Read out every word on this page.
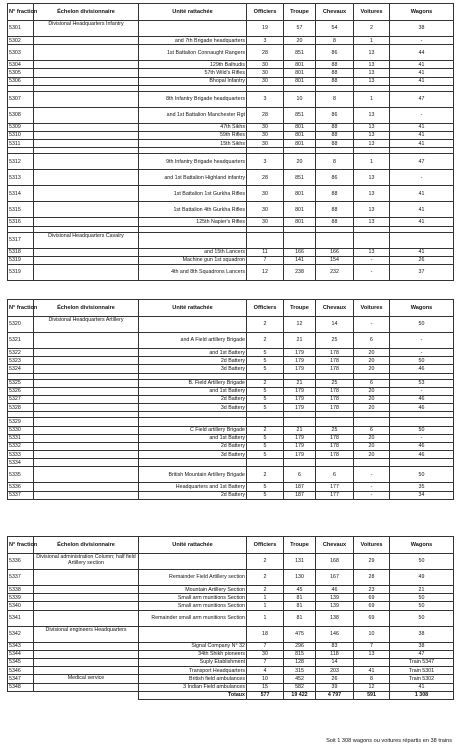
N° fraction	Échelon divisionnaire	Unité rattachée	Officiers	Troupe	Chevaux	Voitures	Wagons
5301	Divisional Headquarters Infantry		19	57	54	2	38
5302		and 7th Brigade headquarters	3	20	8	1	-
5303		1st Battalion Connaught Rangers	28	851	86	13	44
5304		129th Balhudis	30	801	88	13	41
5305		57th Wild's Rifles	30	801	88	13	41
5306		Bhopal Infantry	30	801	88	13	41

5307		8th Infantry Brigade headquarters	3	10	8	1	47
5308		and 1st Battalion Manchester Rgt	28	851	86	13	-
5309		47th Sikhs	30	801	88	13	41
5310		59th Rifles	30	801	88	13	41
5311		15th Sikhs	30	801	88	13	41

5312		9th Infantry Brigade headquarters	3	20	8	1	47
5313		and 1st Battalion Highland infantry	28	851	86	13	-
5314		1st Battalion 1st Gurkha Rifles	30	801	88	13	41
5315		1st Battalion 4th Gurkha Rifles	30	801	88	13	41
5316		125th Napier's Rifles	30	801	88	13	41

5317	Divisional Headquarters Cavalry						
5318		and 15th Lancers	11	166	166	13	41
5319		Machine gun 1st squadron	7	141	154	-	26
5319		4th and 8th Squadrons Lancers	12	238	232	-	37
N° fraction	Échelon divisionnaire	Unité rattachée	Officiers	Troupe	Chevaux	Voitures	Wagons
5320	Divisional Headquarters Artillery		2	12	14	-	50
5321		and A Field artillery Brigade	2	21	25	6	-
5322		and 1st Battery	5	179	178	20	-
5323		2d Battery	5	179	178	20	50
5324		3d Battery	5	179	178	20	46

5325		B. Field Artillery Brigade	2	21	25	6	53
5326		and 1st Battery	5	179	178	20	-
5327		2d Battery	5	179	178	20	46
5328		3d Battery	5	179	178	20	46

5329							
5330		C Field artillery Brigade	2	21	25	6	50
5331		and 1st Battery	5	179	178	20	-
5332		2d Battery	5	179	178	20	46
5333		3d Battery	5	179	178	20	46
5334							
5335		British Mountain Artillery Brigade	2	6	6	-	50
5336		Headquarters and 1st Battery	5	187	177	-	35
5337		2d Battery	5	187	177	-	34
N° fraction	Échelon divisionnaire	Unité rattachée	Officiers	Troupe	Chevaux	Voitures	Wagons
5336	Divisional administration Column; half field Artillery section		2	131	168	29	50
5337		Remainder Field Artillery section	2	130	167	28	49
5338		Mountain Artillery Section	2	45	46	23	21
5339		Small arm munitions Section	1	81	139	69	50
5340		Small arm munitions Section	1	81	139	69	50
5341		Remainder small arm munitions Section	1	81	138	69	50
5342	Divisional engineers Headquarters		18	475	146	10	38
5343		Signal Company N° 32	7	296	83	7	38
5344		34th Shikh pioneers	30	815	118	13	47
5345		Suply Etablishment	7	128	14		Train 5347
5346		Transport Headquarters	4	315	203	41	Train 5301
5347	Medical service	British field ambulances	10	452	26	8	Train 5302
5348		3 Indian Field ambulances	15	582	39	12	41
		Totaux	577	19 422	4 797	591	1 308
Soit 1 308 wagons ou voitures répartis en 38 trains
